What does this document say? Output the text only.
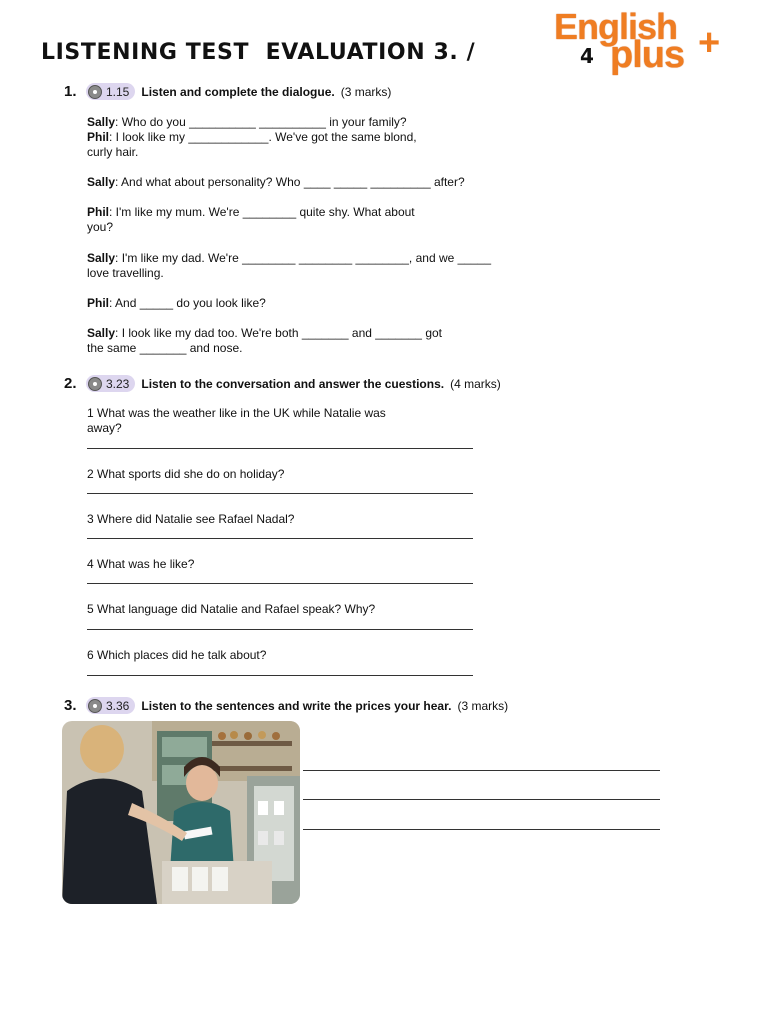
LISTENING TEST  EVALUATION 3. /	4
English
plus +
1.	1.15 Listen and complete the dialogue. (3 marks)
Sally: Who do you __________ __________ in your family?
Phil: I look like my ____________. We've got the same blond,
curly hair.
Sally: And what about personality? Who ____ _____ _________ after?
Phil: I'm like my mum. We're ________ quite shy. What about
you?
Sally: I'm like my dad. We're ________ ________ ________, and we _____
love travelling.
Phil: And _____ do you look like?
Sally: I look like my dad too. We're both _______ and _______ got
the same _______ and nose.
2.	3.23 Listen to the conversation and answer the cuestions. (4 marks)
1 What was the weather like in the UK while Natalie was
away?
2 What sports did she do on holiday?
3 Where did Natalie see Rafael Nadal?
4 What was he like?
5 What language did Natalie and Rafael speak? Why?
6 Which places did he talk about?
3.	3.36 Listen to the sentences and write the prices your hear. (3 marks)
